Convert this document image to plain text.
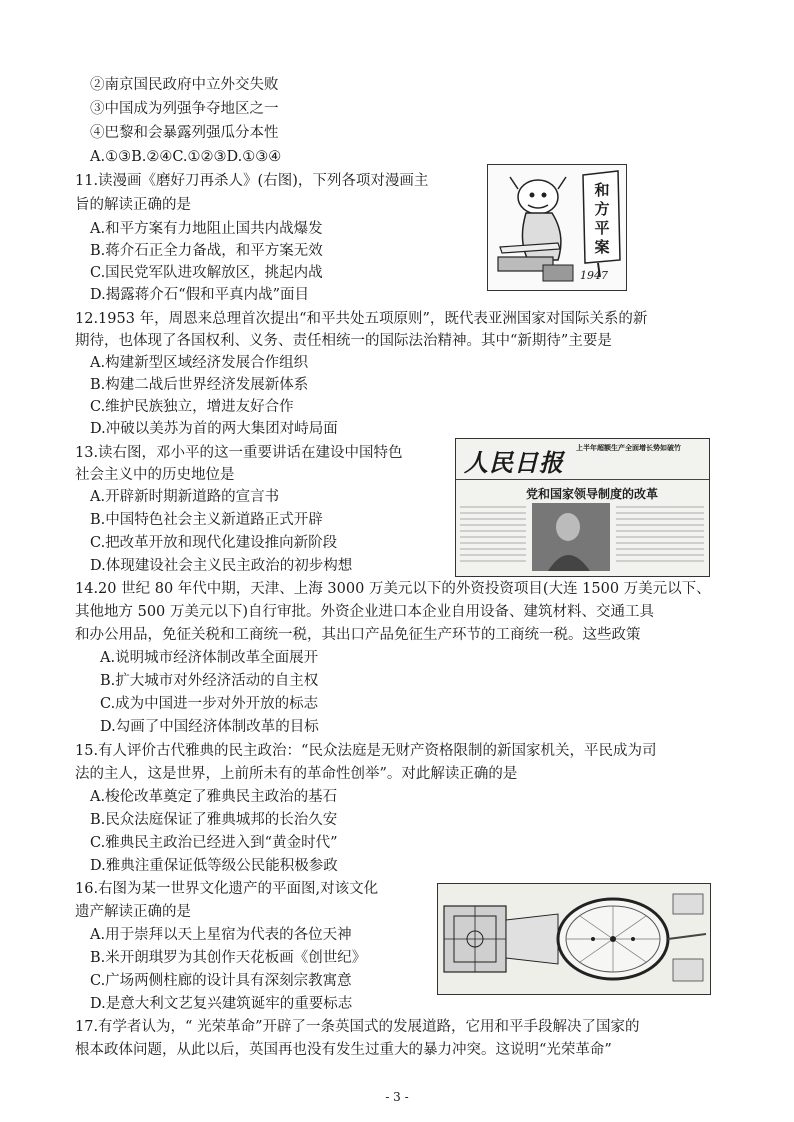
②南京国民政府中立外交失败
③中国成为列强争夺地区之一
④巴黎和会暴露列强瓜分本性
A.①③B.②④C.①②③D.①③④
11.读漫画《磨好刀再杀人》(右图)，下列各项对漫画主
旨的解读正确的是
A.和平方案有力地阻止国共内战爆发
B.蒋介石正全力备战，和平方案无效
C.国民党军队进攻解放区，挑起内战
D.揭露蒋介石“假和平真内战”面目
和方平案
1947
12.1953 年，周恩来总理首次提出“和平共处五项原则”，既代表亚洲国家对国际关系的新
期待，也体现了各国权利、义务、责任相统一的国际法治精神。其中“新期待”主要是
A.构建新型区域经济发展合作组织
B.构建二战后世界经济发展新体系
C.维护民族独立，增进友好合作
D.冲破以美苏为首的两大集团对峙局面
13.读右图，邓小平的这一重要讲话在建设中国特色
社会主义中的历史地位是
A.开辟新时期新道路的宣言书
B.中国特色社会主义新道路正式开辟
C.把改革开放和现代化建设推向新阶段
D.体现建设社会主义民主政治的初步构想
人民日报
上半年超额生产全面增长势如破竹
党和国家领导制度的改革
14.20 世纪 80 年代中期，天津、上海 3000 万美元以下的外资投资项目(大连 1500 万美元以下、
其他地方 500 万美元以下)自行审批。外资企业进口本企业自用设备、建筑材料、交通工具
和办公用品，免征关税和工商统一税，其出口产品免征生产环节的工商统一税。这些政策
A.说明城市经济体制改革全面展开
B.扩大城市对外经济活动的自主权
C.成为中国进一步对外开放的标志
D.勾画了中国经济体制改革的目标
15.有人评价古代雅典的民主政治：“民众法庭是无财产资格限制的新国家机关，平民成为司
法的主人，这是世界，上前所未有的革命性创举”。对此解读正确的是
A.梭伦改革奠定了雅典民主政治的基石
B.民众法庭保证了雅典城邦的长治久安
C.雅典民主政治已经进入到“黄金时代”
D.雅典注重保证低等级公民能积极参政
16.右图为某一世界文化遗产的平面图,对该文化
遗产解读正确的是
A.用于崇拜以天上星宿为代表的各位天神
B.米开朗琪罗为其创作天花板画《创世纪》
C.广场两侧柱廊的设计具有深刻宗教寓意
D.是意大利文艺复兴建筑诞牢的重要标志
17.有学者认为，“ 光荣革命”开辟了一条英国式的发展道路，它用和平手段解决了国家的
根本政体问题，从此以后，英国再也没有发生过重大的暴力冲突。这说明“光荣革命”
- 3 -
